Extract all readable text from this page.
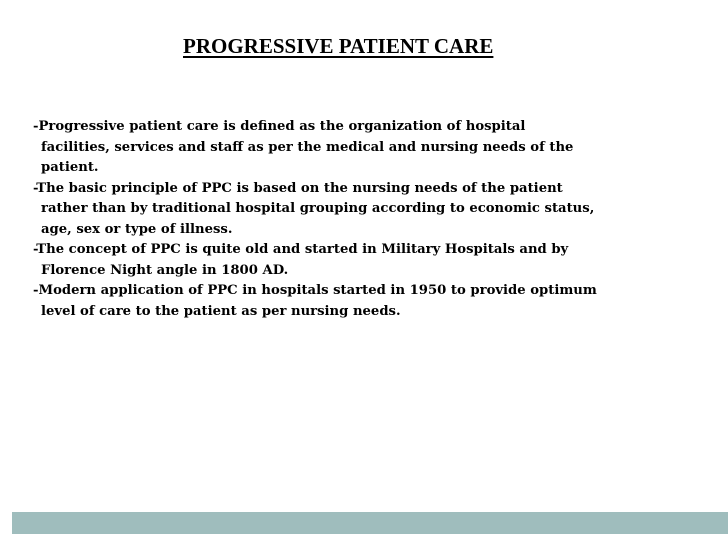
PROGRESSIVE PATIENT CARE
-Progressive patient care is defined as the organization of hospital
facilities, services and staff as per the medical and nursing needs of the
patient.
-The basic principle of PPC is based on the nursing needs of the patient
rather than by traditional hospital grouping according to economic status,
age, sex or type of illness.
-The concept of PPC is quite old and started in Military Hospitals and by
Florence Night angle in 1800 AD.
-Modern application of PPC in hospitals started in 1950 to provide optimum
level of care to the patient as per nursing needs.
